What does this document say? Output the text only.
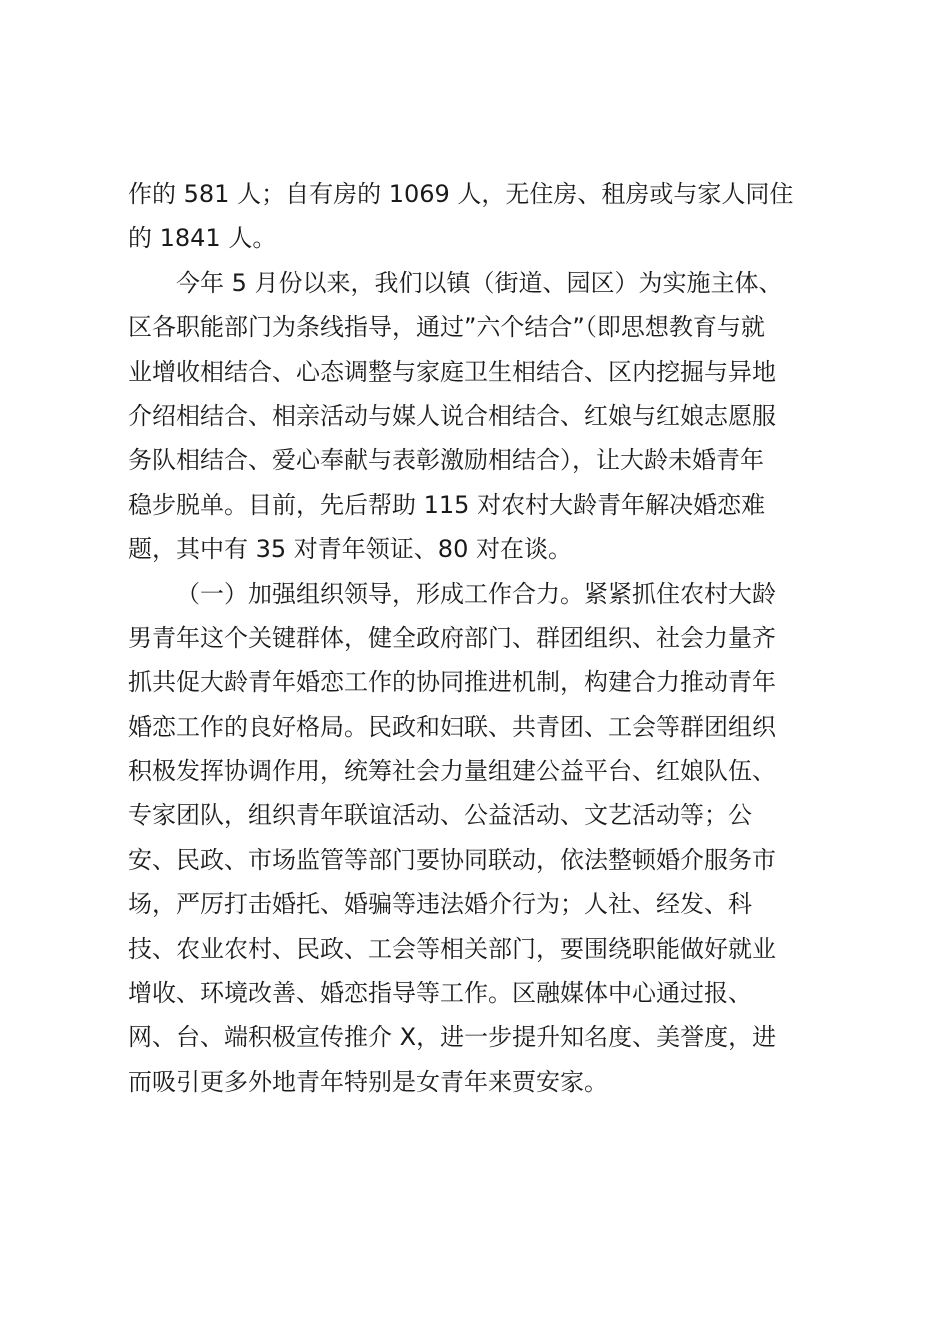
作的 581 人；自有房的 1069 人，无住房、租房或与家人同住
的 1841 人。
今年 5 月份以来，我们以镇（街道、园区）为实施主体、
区各职能部门为条线指导，通过”六个结合”（即思想教育与就
业增收相结合、心态调整与家庭卫生相结合、区内挖掘与异地
介绍相结合、相亲活动与媒人说合相结合、红娘与红娘志愿服
务队相结合、爱心奉献与表彰激励相结合），让大龄未婚青年
稳步脱单。目前，先后帮助 115 对农村大龄青年解决婚恋难
题，其中有 35 对青年领证、80 对在谈。
（一）加强组织领导，形成工作合力。紧紧抓住农村大龄
男青年这个关键群体，健全政府部门、群团组织、社会力量齐
抓共促大龄青年婚恋工作的协同推进机制，构建合力推动青年
婚恋工作的良好格局。民政和妇联、共青团、工会等群团组织
积极发挥协调作用，统筹社会力量组建公益平台、红娘队伍、
专家团队，组织青年联谊活动、公益活动、文艺活动等；公
安、民政、市场监管等部门要协同联动，依法整顿婚介服务市
场，严厉打击婚托、婚骗等违法婚介行为；人社、经发、科
技、农业农村、民政、工会等相关部门，要围绕职能做好就业
增收、环境改善、婚恋指导等工作。区融媒体中心通过报、
网、台、端积极宣传推介 X，进一步提升知名度、美誉度，进
而吸引更多外地青年特别是女青年来贾安家。
